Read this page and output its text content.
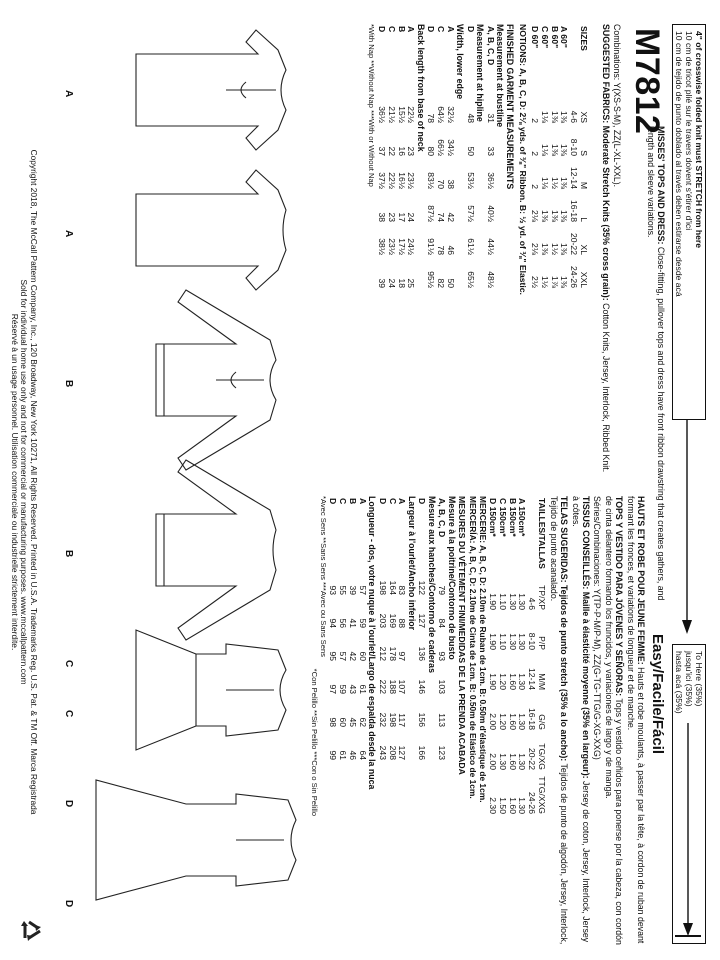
4" of crosswise folded knit must STRETCH from here
10 cm de tricot plié sur le travers doivent s'étirer d'ici
10 cm de tejido de punto doblado al través deben estirarse desde acá
To Here (35%)
jusqu'ici (35%)
hasta acá (35%)
M7812
Easy/Facile/Fácil

MISSES' TOPS AND DRESS: Close-fitting, pullover tops and dress have front ribbon drawstring that creates gathers, and length and sleeve variations.

Combinations: Y(XS-S-M), ZZ(L-XL-XXL).

SUGGESTED FABRICS: Moderate Stretch Knits (35% cross grain): Cotton Knits, Jersey, Interlock, Ribbed Knit.

SIZES	XS	S	M	L	XL	XXL
	4-6	8-10	12-14	16-18	20-22	24-26
A 60"	1⅜	1⅜	1⅜	1⅜	1⅜	1⅜
B 60"	1⅜	1⅜	1½	1⅜	1½	1⅞
C 60"	1⅛	1⅛	1⅛	1⅜	1⅜	1½
D 60"	2	2	2	2⅛	2⅛	2½
NOTIONS: A, B, C, D: 2⅛ yds. of ⅜" Ribbon. B: ½ yd. of ⅜" Elastic.
FINISHED GARMENT MEASUREMENTS
Measurement at bustline
A, B, C, D	31	33	36½	40½	44½	48½
Measurement at hipline
D	48	50	53½	57½	61½	65½
Width, lower edge
A	32½	34½	38	42	46	50
C	64½	66½	70	74	78	82
D	78	80	83½	87½	91½	95½
Back length from base of neck
A	22½	23	23½	24	24½	25
B	15½	16	16½	17	17½	18
C	21½	22	22½	23	23½	24
D	36½	37	37½	38	38½	39
*With Nap **Without Nap ***With or Without Nap

HAUTS ET ROBE POUR JEUNE FEMME: Hauts et robe moulants, à passer par la tête, à cordon de ruban devant formant les fronces, et variations de longueur et de manche.

TOPS Y VESTIDO PARA JÓVENES Y SEÑORAS: Tops y vestido ceñidos para ponerse por la cabeza, con cordón de cinta delantero formando los fruncidos, y variaciones de largo y de manga.

Séries/Combinaciones: Y(TP-P-M/P-M), ZZ(G-TG-TTG/G-XG-XXG)

TISSUS CONSEILLÉS: Maille à élasticité moyenne (35% en largeur): Jersey de coton, Jersey, Interlock, Jersey à côtes.

TELAS SUGERIDAS: Tejidos de punto stretch (35% a lo ancho): Tejidos de punto de algodón, Jersey, Interlock, Tejido de punto acanalado.

TAILLES/TALLAS	TP/XP	P/P	M/M	G/G	TG/XG	TTG/XXG
	4-6	8-10	12-14	16-18	20-22	24-26
A 150cm*	1.30	1.30	1.30	1.30	1.30	1.30
B 150cm*	1.30	1.30	1.60	1.60	1.60	1.60
C 150cm*	1.10	1.10	1.20	1.20	1.30	1.50
D 150cm*	1.90	1.90	1.90	2.00	2.00	2.30
MERCERIE: A, B, C, D: 2.10m de Ruban de 1cm. B: 0.50m d'élastique de 1cm.
MERCERÍA: A, B, C, D: 2.10m de Cinta de 1cm. B: 0.50m de Elástico de 1cm.
MESURES DU VÊTEMENT FINI/MEDIDAS DE LA PRENDA ACABADA
Mesure à la poitrine/Contorno de busto
A, B, C, D	79	84	93	103	113	123
Mesure aux hanches/Contorno de caderas
D	122	127	136	146	156	166
Largeur à l'ourlet/Ancho inferior
A	83	88	97	107	117	127
C	164	169	178	188	198	208
D	198	203	212	222	232	243
Longueur - dos, votre nuque à l'ourlet/Largo de espalda desde la nuca
A	57	59	60	61	62	64
B	39	41	42	43	45	46
C	55	56	57	59	60	61
D	93	94	95	97	98	99
*Avec Sens **Sans Sens ***Avec ou Sans Sens
*Con Pelillo **Sin Pelillo ***Con o Sin Pelillo
A
A
B
B
C
C
D
D
Copyright 2018, The McCall Pattern Company, Inc., 120 Broadway, New York 10271, All Rights Reserved. Printed in U.S.A. Trademarks Reg. U.S. Pat. & TM Off. Marca Registrada
Sold for individual home use only and not for commercial or manufacturing purposes. www.mccallpattern.com
Réservé à un usage personnel. Utilisation commerciale ou industrielle strictement interdite.
